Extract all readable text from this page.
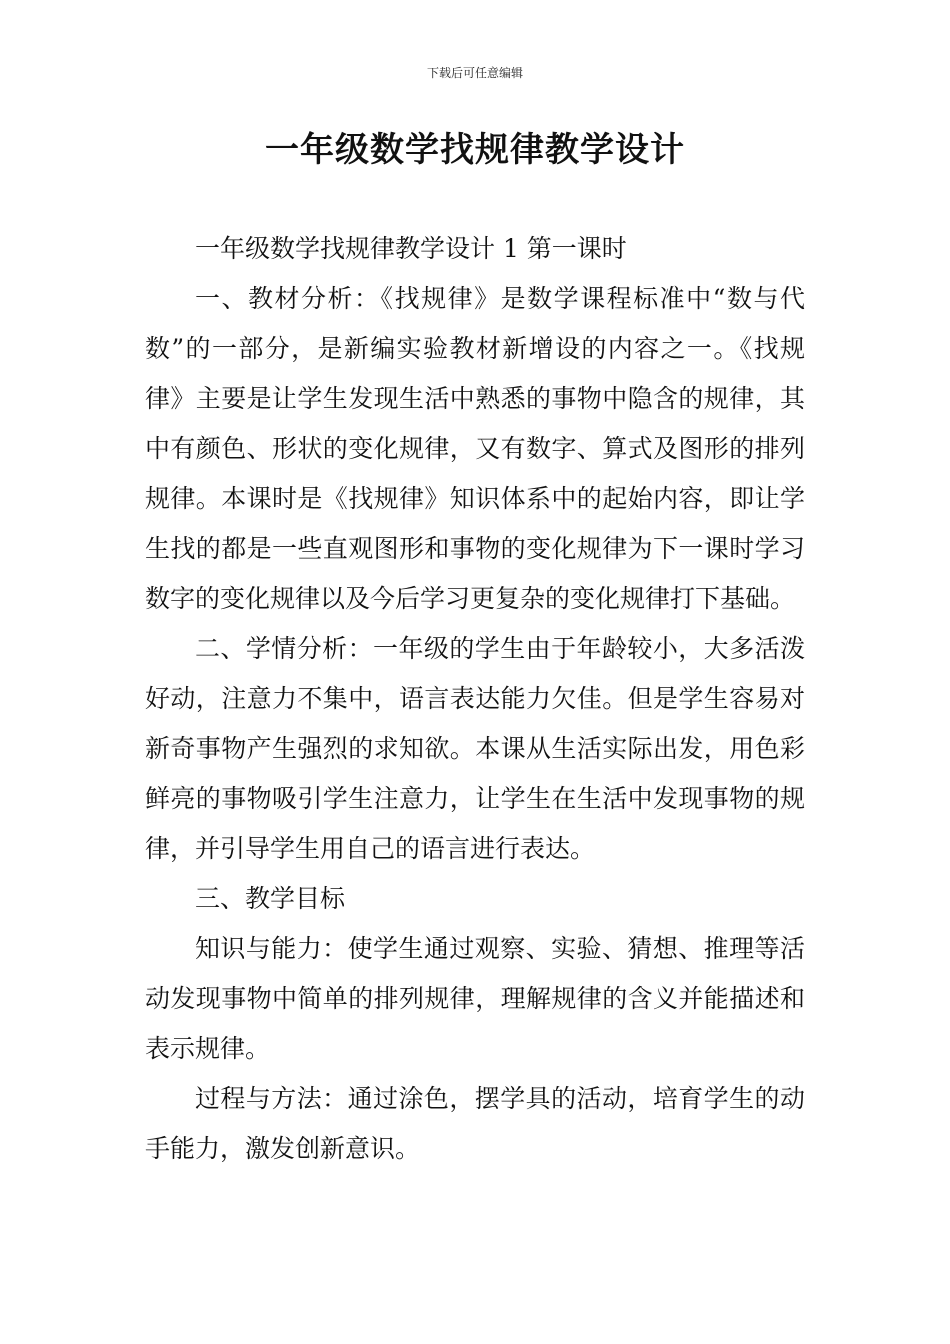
下载后可任意编辑
一年级数学找规律教学设计

一年级数学找规律教学设计 1 第一课时

一、教材分析：《找规律》是数学课程标准中“数与代数”的一部分，是新编实验教材新增设的内容之一。《找规律》主要是让学生发现生活中熟悉的事物中隐含的规律，其中有颜色、形状的变化规律，又有数字、算式及图形的排列规律。本课时是《找规律》知识体系中的起始内容，即让学生找的都是一些直观图形和事物的变化规律为下一课时学习数字的变化规律以及今后学习更复杂的变化规律打下基础。

二、学情分析：一年级的学生由于年龄较小，大多活泼好动，注意力不集中，语言表达能力欠佳。但是学生容易对新奇事物产生强烈的求知欲。本课从生活实际出发，用色彩鲜亮的事物吸引学生注意力，让学生在生活中发现事物的规律，并引导学生用自己的语言进行表达。

三、教学目标

知识与能力：使学生通过观察、实验、猜想、推理等活动发现事物中简单的排列规律，理解规律的含义并能描述和表示规律。

过程与方法：通过涂色，摆学具的活动，培育学生的动手能力，激发创新意识。
